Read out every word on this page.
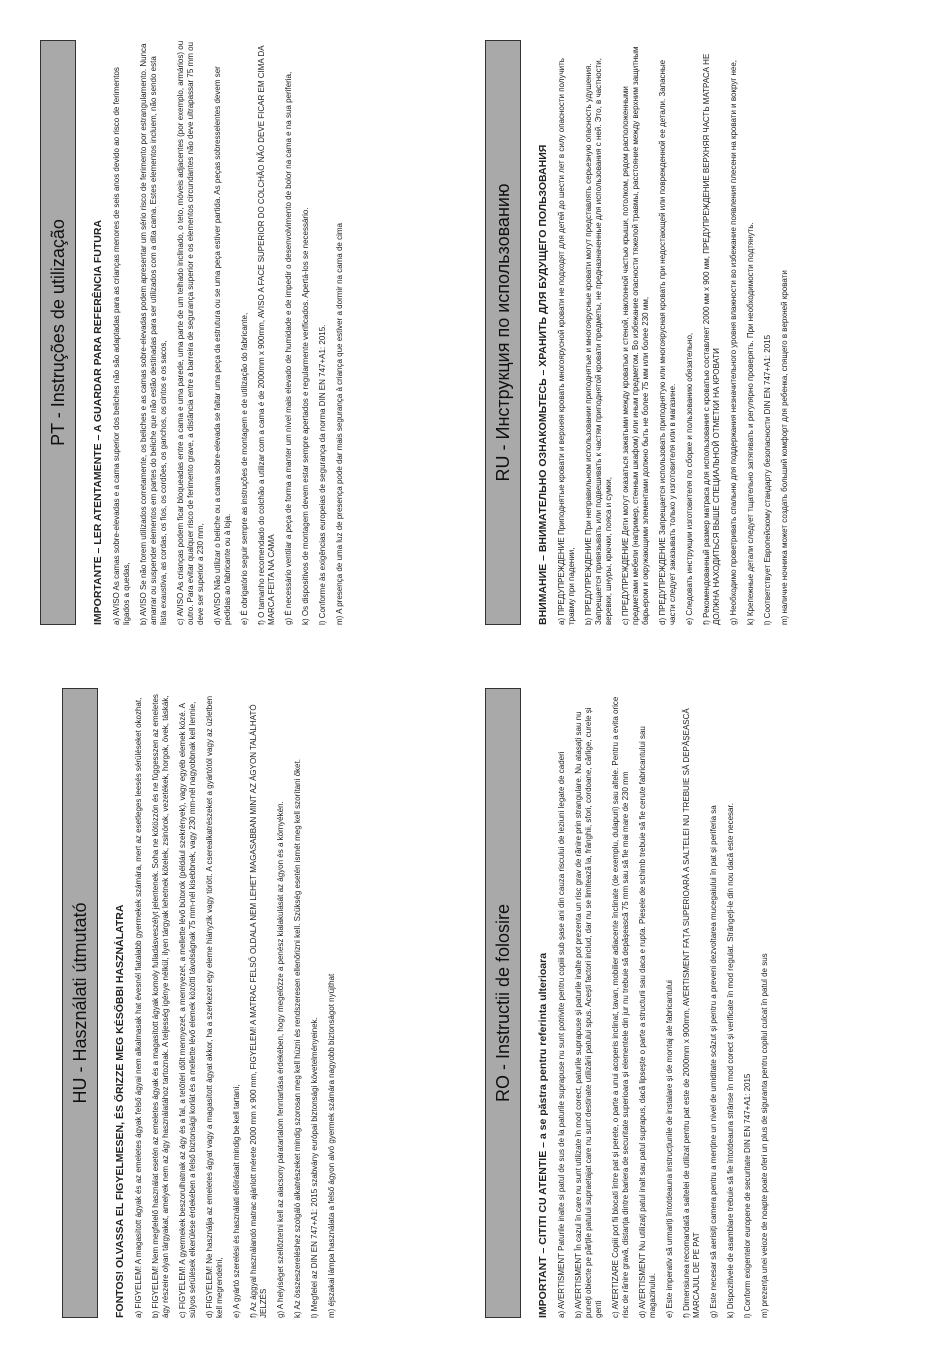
HU - Használati útmutató FONTOS! OLVASSA EL FIGYELMESEN, ÉS ŐRIZZE MEG KÉSŐBBI HASZNÁLATRA a) FIGYELEM! A magasított ágyak és az emeletes ágyak felső ágyai nem alkalmasak hat évesnél fiatalabb gyermekek számára, mert az esetleges leesés sérüléseket okozhat, b) FIGYELEM! Nem megfelelő használat esetén az emeletes ágyak és a magasított ágyak komoly fulladásveszélyt jelentenek. Soha ne kötözzön és ne függesszen az emeletes ágy részeire olyan tárgyakat, amelyek nem az ágy használatához tartoznak. A teljesség igénye nélkül, ilyen tárgyak lehetnek kötelek, zsinórok, vezetékek, horgok, övek, táskák, c) FIGYELEM! A gyermekek beszorulhatnak az ágy és a fal, a tetőtéri dőlt mennyezet, a mennyezet, a mellette lévő bútorok (például szekrények), vagy egyéb elemek közé. A súlyos sérülések elkerülése érdekében a felső biztonsági korlát és a mellette lévő elemek közötti távolságnak 75 mm-nél kisebbnek, vagy 230 mm-nél nagyobbnak kell lennie, d) FIGYELEM! Ne használja az emeletes ágyat vagy a magasított ágyat akkor, ha a szerkezet egy eleme hiányzik vagy törött. A cserealkatrészeket a gyártótól vagy az üzletben kell megrendelni, e) A gyártó szerelési és használati előírásait mindig be kell tartani, f) Az ággyal használandó matrac ajánlott mérete 2000 mm x 900 mm, FIGYELEM! A MATRAC FELSŐ OLDALA NEM LEHET MAGASABBAN MINT AZ ÁGYON TALÁLHATÓ JELZÉS g) A helyiséget szellőztetni kell az alacsony páratartalom fenntartása érdekében, hogy megelőzze a penész kialakulását az ágyon és a környékén. k) Az összeszereléshez szolgáló alkatrészeket mindig szorosan meg kell húzni és rendszeresen ellenőrizni kell. Szükség esetén ismét meg kell szorítani őket. l) Megfelel az DIN EN 747+A1: 2015 szabvány európai biztonsági követelményeinek. m) éjszakai lámpa használata a felső ágyon alvó gyermek számára nagyobb biztonságot nyújthat
PT - Instruções de utilização IMPORTANTE – LER ATENTAMENTE – A GUARDAR PARA REFERÊNCIA FUTURA a) AVISO As camas sobre-elevadas e a cama superior dos beliches não são adaptadas para as crianças menores de seis anos devido ao risco de ferimentos ligados a quedas, b) AVISO Se não forem utilizados corretamente, os beliches e as camas sobre-elevadas podem apresentar um sério risco de ferimento por estrangulamento. Nunca amarrar ou suspender elementos em partes do beliche que não estão destinadas para ser utilizados com a dita cama. Estes elementos incluem, não sendo esta lista exaustiva, as cordas, os fios, os cordões, os ganchos, os cintos e os sacos, c) AVISO As crianças podem ficar bloqueadas entre a cama e uma parede, uma parte de um telhado inclinado, o teto, móveis adjacentes (por exemplo, armários) ou outro. Para evitar qualquer risco de ferimento grave, a distância entre a barreira de segurança superior e os elementos circundantes não deve ultrapassar 75 mm ou deve ser superior a 230 mm, d) AVISO Não utilizar o beliche ou a cama sobre-elevada se faltar uma peça da estrutura ou se uma peça estiver partida. As peças sobresselentes devem ser pedidas ao fabricante ou à loja. e) É obrigatório seguir sempre as instruções de montagem e de utilização do fabricante, f) O tamanho recomendado do colchão a utilizar com a cama é de 2000mm x 900mm, AVISO A FACE SUPERIOR DO COLCHÃO NÃO DEVE FICAR EM CIMA DA MARCA FEITA NA CAMA g) É necessário ventilar a peça de forma a manter um nível mais elevado de humidade e de impedir o desenvolvimento de bolor na cama e na sua periferia, k) Os dispositivos de montagem devem estar sempre apertados e regularmente verificados. Apertá-los se necessário. l) Conforme às exigências europeias de segurança da norma DIN EN 747+A1: 2015. m) A presença de uma luz de presença pode dar mais segurança à criança que estiver a dormir na cama de cima
RO - Instructii de folosire IMPORTANT – CITITI CU ATENTIE – a se păstra pentru referinta ulterioara a) AVERTISMENT Paturile inalte si patul de sus de la paturile suprapuse nu sunt potrivite pentru copiii sub șase ani din cauza riscului de leziuni legate de caderi b) AVERTISMENT În cazul în care nu sunt utilizate în mod corect, paturile suprapuse și paturile inalte pot prezenta un risc grav de rănire prin strangulare. Nu atașați sau nu puneți obiecte pe părțile patului supraetajat care nu sunt destinate utilizării patului spus. Acești factori includ, dar nu se limitează la, frânghii, sfori, cordoane, cârlige, curele și genti c) AVERTIZARE Copiii pot fii blocati între pat și perete, o parte a unui acoperis inclinat, tavan, mobilier adiacente înclinate (de exemplu, dulapuri) sau altele. Pentru a evita orice risc de rănire gravă, distanța dintre bariera de securitate superioara și elementele din jur nu trebuie să depășească 75 mm sau să fie mai mare de 230 mm d) AVERTISMENT Nu utilizați patul inalt sau patul suprapus, dacă lipsește o parte a structurii sau daca e rupta. Piesele de schimb trebuie să fie cerute fabricantului sau magazinului. e) Este imperativ să urmariți întotdeauna instrucțiunile de instalare și de montaj ale fabricantului f) Dimensiunea recomandată a saltelei de utilizat pentru pat este de 2000mm x 900mm, AVERTISMENT FAȚA SUPERIOARĂ A SALTELEI NU TREBUIE SĂ DEPĂȘEASCĂ MARCAJUL DE PE PAT g) Este necesar să aerisiți camera pentru a menține un nivel de umiditate scăzut și pentru a preveni dezvoltarea mucegaiului în pat și periferia sa k) Dispozitivele de asamblare trebuie să fie întotdeauna strânse în mod corect și verificate în mod regulat. Strângeți-le din nou dacă este necesar. l) Conform exigentelor europene de securitate DIN EN 747+A1: 2015 m) prezența unei veioze de noapte poate oferi un plus de siguranta pentru copilul culcat în patul de sus
RU - Инструкция по использованию ВНИМАНИЕ – ВНИМАТЕЛЬНО ОЗНАКОМЬТЕСЬ – ХРАНИТЬ ДЛЯ БУДУЩЕГО ПОЛЬЗОВАНИЯ a) ПРЕДУПРЕЖДЕНИЕ Приподнятые кровати и верхняя кровать многоярусной кровати не подходят для детей до шести лет в силу опасности получить травму при падении, b) ПРЕДУПРЕЖДЕНИЕ При неправильном использовании приподнятые и многоярусные кровати могут представлять серьезную опасность удушения. Запрещается привязывать или подвешивать к частям приподнятой кровати предметы, не предназначенные для использования с ней. Это, в частности, веревки, шнуры, крючки, пояса и сумки, c) ПРЕДУПРЕЖДЕНИЕ Дети могут оказаться зажатыми между кроватью и стеной, наклонной частью крыши, потолком, рядом расположенными предметами мебели (например, стенным шкафом) или иным предметом. Во избежание опасности тяжелой травмы, расстояние между верхним защитным барьером и окружающими элементами должно быть не более 75 мм или более 230 мм, d) ПРЕДУПРЕЖДЕНИЕ Запрещается использовать приподнятую или многоярусная кровать при недостающей или поврежденной ее детали. Запасные части следует заказывать только у изготовителя или в магазине. e) Следовать инструкции изготовителя по сборке и пользованию обязательно, f) Рекомендованный размер матраса для использования с кроватью составляет 2000 мм x 900 мм, ПРЕДУПРЕЖДЕНИЕ ВЕРХНЯЯ ЧАСТЬ МАТРАСА НЕ ДОЛЖНА НАХОДИТЬСЯ ВЫШЕ СПЕЦИАЛЬНОЙ ОТМЕТКИ НА КРОВАТИ g) Необходимо проветривать спальню для поддержания незначительного уровня влажности во избежание появления плесени на кровати и вокруг нее, k) Крепежные детали следует тщательно затягивать и регулярно проверять. При необходимости подтянуть. l) Соответствует Европейскому стандарту безопасности DIN EN 747+A1: 2015 m) наличие ночника может создать больший комфорт для ребенка, спящего в верхней кровати
